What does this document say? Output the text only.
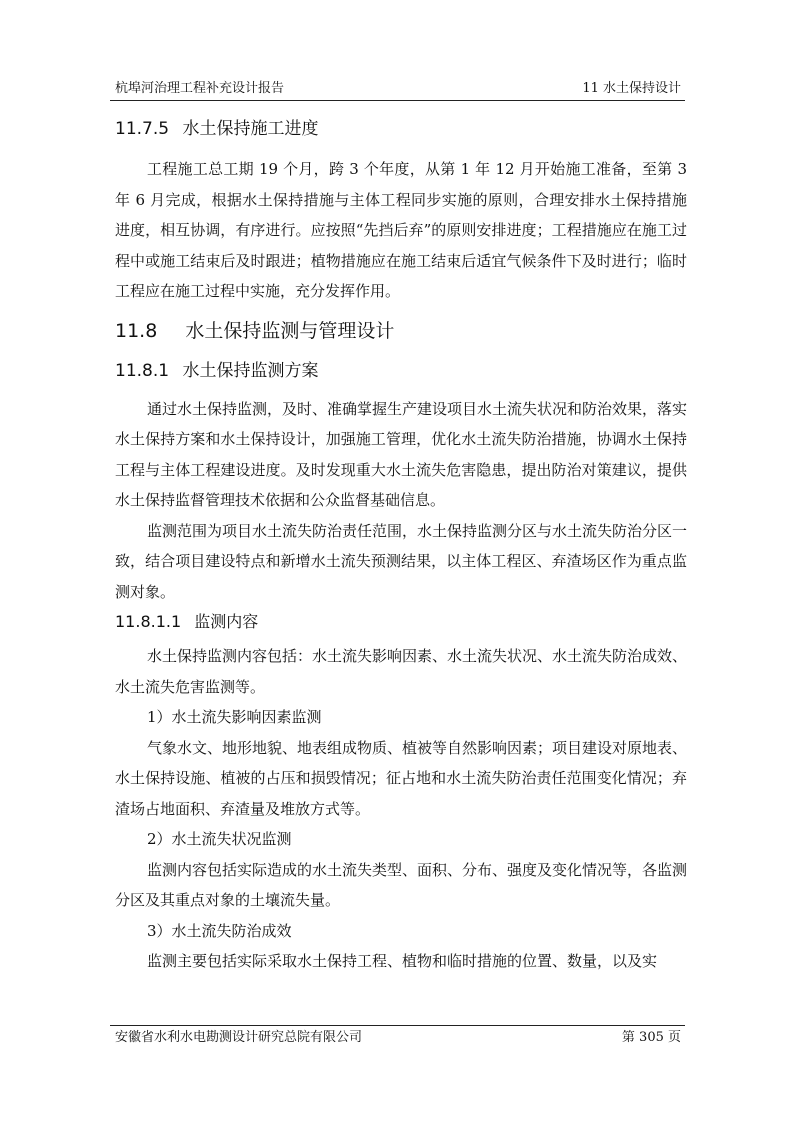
杭埠河治理工程补充设计报告	11 水土保持设计
11.7.5 水土保持施工进度

工程施工总工期 19 个月，跨 3 个年度，从第 1 年 12 月开始施工准备，至第 3 年 6 月完成，根据水土保持措施与主体工程同步实施的原则，合理安排水土保持措施进度，相互协调，有序进行。应按照“先挡后弃”的原则安排进度；工程措施应在施工过程中或施工结束后及时跟进；植物措施应在施工结束后适宜气候条件下及时进行；临时工程应在施工过程中实施，充分发挥作用。

11.8 水土保持监测与管理设计
11.8.1 水土保持监测方案

通过水土保持监测，及时、准确掌握生产建设项目水土流失状况和防治效果，落实水土保持方案和水土保持设计，加强施工管理，优化水土流失防治措施，协调水土保持工程与主体工程建设进度。及时发现重大水土流失危害隐患，提出防治对策建议，提供水土保持监督管理技术依据和公众监督基础信息。

监测范围为项目水土流失防治责任范围，水土保持监测分区与水土流失防治分区一致，结合项目建设特点和新增水土流失预测结果，以主体工程区、弃渣场区作为重点监测对象。

11.8.1.1 监测内容

水土保持监测内容包括：水土流失影响因素、水土流失状况、水土流失防治成效、水土流失危害监测等。

1）水土流失影响因素监测

气象水文、地形地貌、地表组成物质、植被等自然影响因素；项目建设对原地表、水土保持设施、植被的占压和损毁情况；征占地和水土流失防治责任范围变化情况；弃渣场占地面积、弃渣量及堆放方式等。

2）水土流失状况监测

监测内容包括实际造成的水土流失类型、面积、分布、强度及变化情况等，各监测分区及其重点对象的土壤流失量。

3）水土流失防治成效

监测主要包括实际采取水土保持工程、植物和临时措施的位置、数量，以及实

安徽省水利水电勘测设计研究总院有限公司	第 305 页
